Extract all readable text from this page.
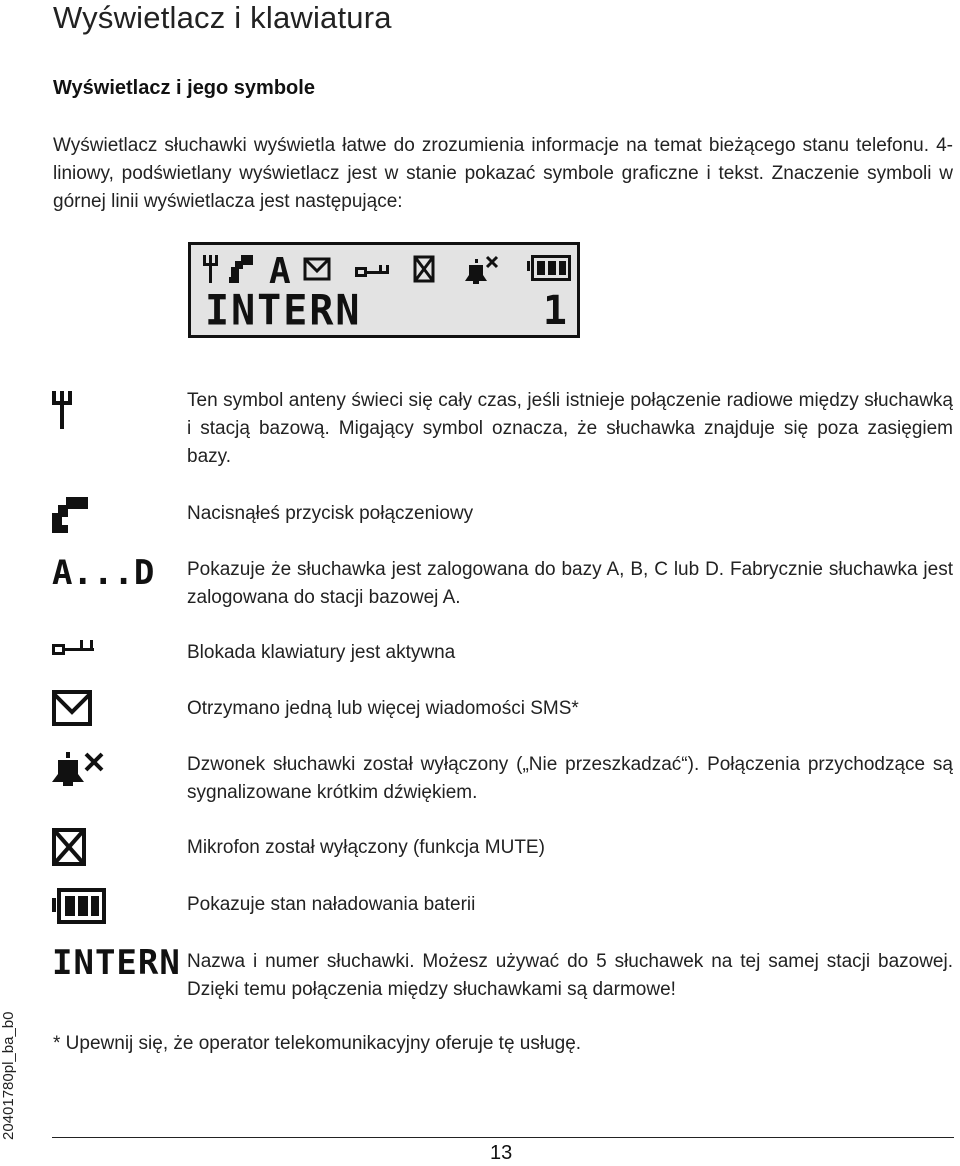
Wyświetlacz i klawiatura
Wyświetlacz i jego symbole
Wyświetlacz słuchawki wyświetla łatwe do zrozumienia informacje na temat bieżącego stanu telefonu. 4-liniowy, podświetlany wyświetlacz jest w stanie pokazać symbole graficzne i tekst. Znaczenie symboli w górnej linii wyświetlacza jest następujące:
A
INTERN	1
Ten symbol anteny świeci się cały czas, jeśli istnieje połączenie radiowe między słuchawką i stacją bazową. Migający symbol oznacza, że słuchawka znajduje się poza zasięgiem bazy.
Nacisnąłeś przycisk połączeniowy
A...D Pokazuje że słuchawka jest zalogowana do bazy A, B, C lub D. Fabrycznie słuchawka jest zalogowana do stacji bazowej A.
Blokada klawiatury jest aktywna
Otrzymano jedną lub więcej wiadomości SMS*
Dzwonek słuchawki został wyłączony („Nie przeszkadzać“). Połączenia przychodzące są sygnalizowane krótkim dźwiękiem.
Mikrofon został wyłączony (funkcja MUTE)
Pokazuje stan naładowania baterii
INTERN Nazwa i numer słuchawki. Możesz używać do 5 słuchawek na tej samej stacji bazowej. Dzięki temu połączenia między słuchawkami są darmowe!
* Upewnij się, że operator telekomunikacyjny oferuje tę usługę.
20401780pl_ba_b0
13
